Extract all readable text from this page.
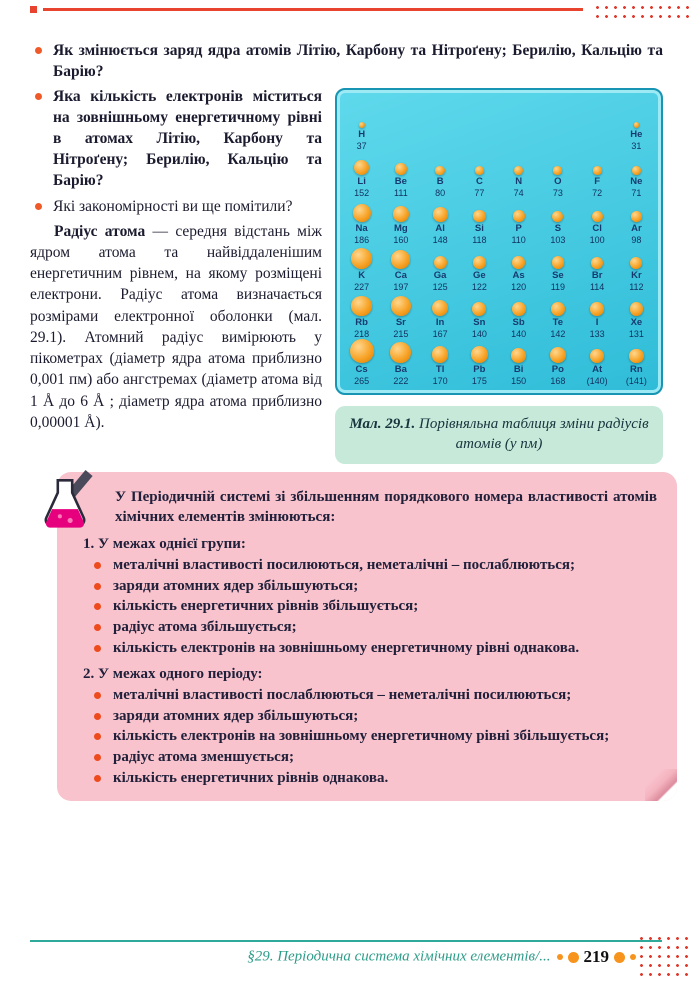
Як змінюється заряд ядра атомів Літію, Карбону та Нітроґену; Берилію, Кальцію та Барію?
H
37
He
31
Li
152
Be
111
B
80
C
77
N
74
O
73
F
72
Ne
71
Na
186
Mg
160
Al
148
Si
118
P
110
S
103
Cl
100
Ar
98
K
227
Ca
197
Ga
125
Ge
122
As
120
Se
119
Br
114
Kr
112
Rb
218
Sr
215
In
167
Sn
140
Sb
140
Te
142
I
133
Xe
131
Cs
265
Ba
222
Tl
170
Pb
175
Bi
150
Po
168
At
(140)
Rn
(141)
Мал. 29.1. Порівняльна таблиця зміни радіусів атомів (у пм)
Яка кількість електронів міститься на зовнішньому енергетичному рівні в атомах Літію, Карбону та Нітроґену; Берилію, Кальцію та Барію?
Які закономірності ви ще помітили?

Радіус атома — середня відстань між ядром атома та найвіддаленішим енергетичним рівнем, на якому розміщені електрони. Радіус атома визначається розмірами електронної оболонки (мал. 29.1). Атомний радіус вимірюють у пікометрах (діаметр ядра атома приблизно 0,001 пм) або ангстремах (діаметр атома від 1 Å до 6 Å ; діаметр ядра атома приблизно 0,00001 Å).

У Періодичній системі зі збільшенням порядкового номера властивості атомів хімічних елементів змінюються:
1. У межах однієї групи:
металічні властивості посилюються, неметалічні – послаблюються;
заряди атомних ядер збільшуються;
кількість енергетичних рівнів збільшується;
радіус атома збільшується;
кількість електронів на зовнішньому енергетичному рівні однакова.
2. У межах одного періоду:
металічні властивості послаблюються – неметалічні посилюються;
заряди атомних ядер збільшуються;
кількість електронів на зовнішньому енергетичному рівні збільшується;
радіус атома зменшується;
кількість енергетичних рівнів однакова.
§29. Періодична система хімічних елементів/... 219
